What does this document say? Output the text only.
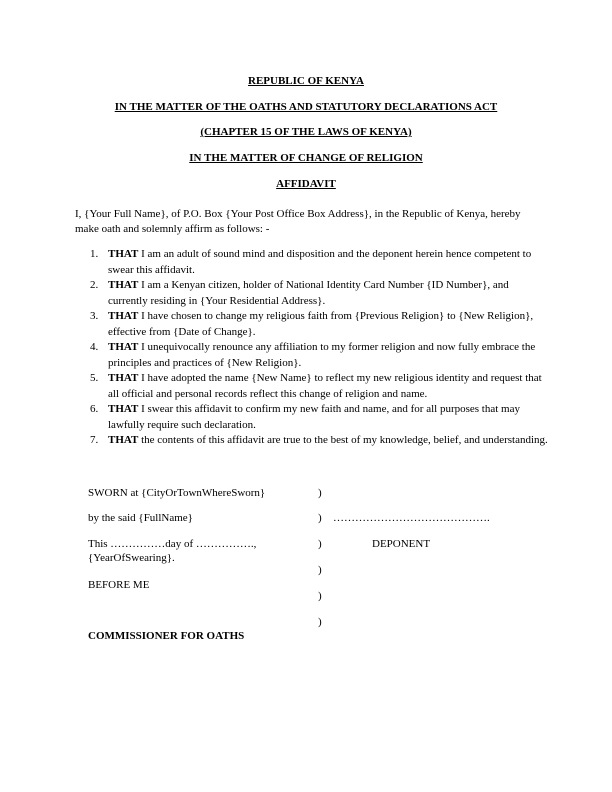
REPUBLIC OF KENYA
IN THE MATTER OF THE OATHS AND STATUTORY DECLARATIONS ACT
(CHAPTER 15 OF THE LAWS OF KENYA)
IN THE MATTER OF CHANGE OF RELIGION
AFFIDAVIT
I, {Your Full Name}, of P.O. Box {Your Post Office Box Address}, in the Republic of Kenya, hereby make oath and solemnly affirm as follows: -
1. THAT I am an adult of sound mind and disposition and the deponent herein hence competent to swear this affidavit.
2. THAT I am a Kenyan citizen, holder of National Identity Card Number {ID Number}, and currently residing in {Your Residential Address}.
3. THAT I have chosen to change my religious faith from {Previous Religion} to {New Religion}, effective from {Date of Change}.
4. THAT I unequivocally renounce any affiliation to my former religion and now fully embrace the principles and practices of {New Religion}.
5. THAT I have adopted the name {New Name} to reflect my new religious identity and request that all official and personal records reflect this change of religion and name.
6. THAT I swear this affidavit to confirm my new faith and name, and for all purposes that may lawfully require such declaration.
7. THAT the contents of this affidavit are true to the best of my knowledge, belief, and understanding.
SWORN at {CityOrTownWhereSworn}
by the said {FullName}
This ……………day of …………….,
{YearOfSwearing}.
BEFORE ME
)
)
)
)
)
)
…………………………………….
DEPONENT
COMMISSIONER FOR OATHS
